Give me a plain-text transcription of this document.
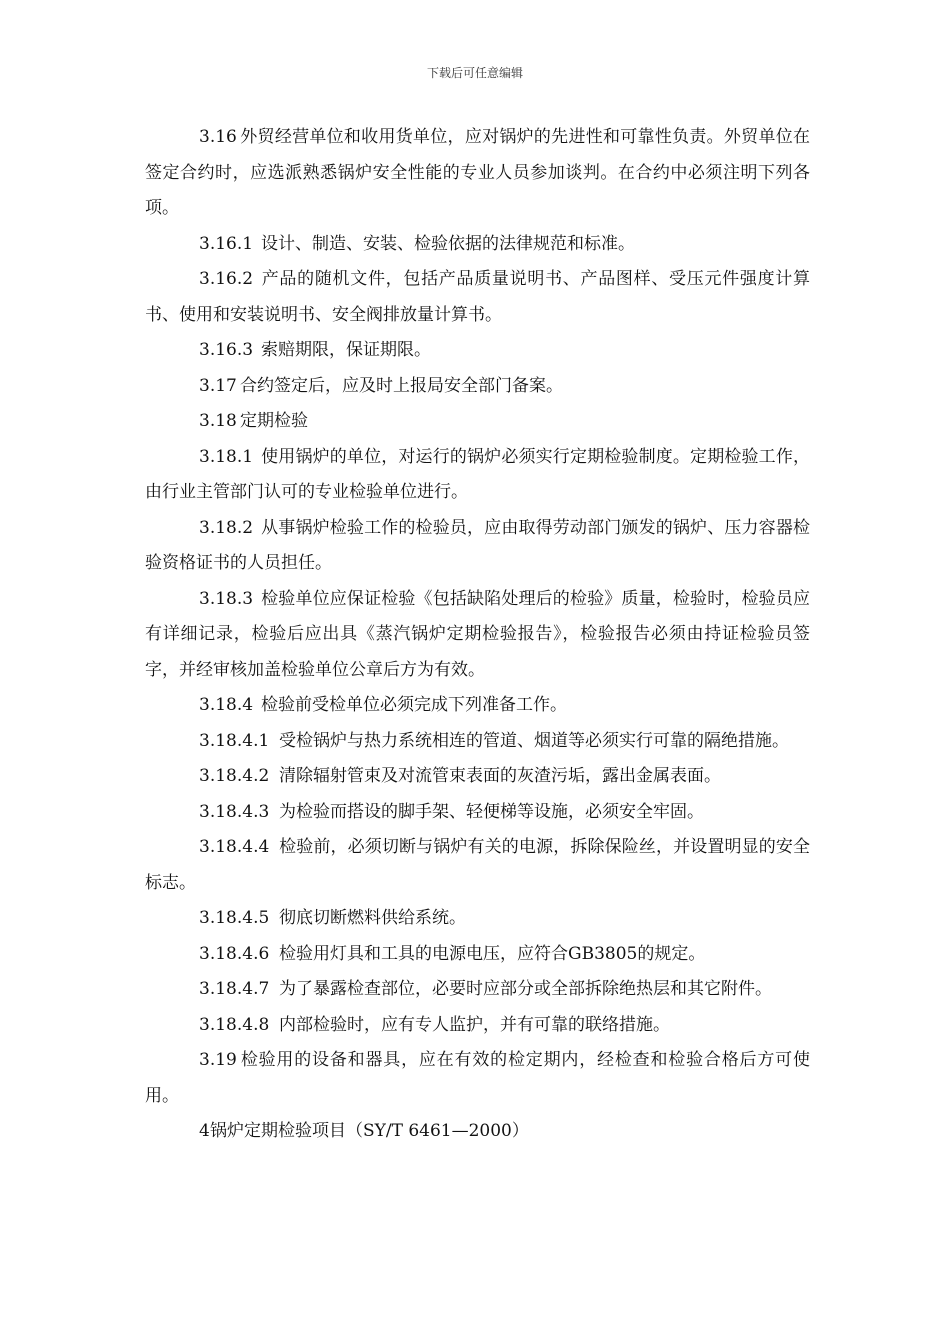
下载后可任意编辑

3.16 外贸经营单位和收用货单位，应对锅炉的先进性和可靠性负责。外贸单位在签定合约时，应选派熟悉锅炉安全性能的专业人员参加谈判。在合约中必须注明下列各项。

3.16.1 设计、制造、安装、检验依据的法律规范和标准。

3.16.2 产品的随机文件，包括产品质量说明书、产品图样、受压元件强度计算书、使用和安装说明书、安全阀排放量计算书。

3.16.3 索赔期限，保证期限。

3.17 合约签定后，应及时上报局安全部门备案。

3.18 定期检验

3.18.1 使用锅炉的单位，对运行的锅炉必须实行定期检验制度。定期检验工作，由行业主管部门认可的专业检验单位进行。

3.18.2 从事锅炉检验工作的检验员，应由取得劳动部门颁发的锅炉、压力容器检验资格证书的人员担任。

3.18.3 检验单位应保证检验《包括缺陷处理后的检验》质量，检验时，检验员应有详细记录，检验后应出具《蒸汽锅炉定期检验报告》，检验报告必须由持证检验员签字，并经审核加盖检验单位公章后方为有效。

3.18.4 检验前受检单位必须完成下列准备工作。

3.18.4.1 受检锅炉与热力系统相连的管道、烟道等必须实行可靠的隔绝措施。

3.18.4.2 清除辐射管束及对流管束表面的灰渣污垢，露出金属表面。

3.18.4.3 为检验而搭设的脚手架、轻便梯等设施，必须安全牢固。

3.18.4.4 检验前，必须切断与锅炉有关的电源，拆除保险丝，并设置明显的安全标志。

3.18.4.5 彻底切断燃料供给系统。

3.18.4.6 检验用灯具和工具的电源电压，应符合GB3805的规定。

3.18.4.7 为了暴露检查部位，必要时应部分或全部拆除绝热层和其它附件。

3.18.4.8 内部检验时，应有专人监护，并有可靠的联络措施。

3.19 检验用的设备和器具，应在有效的检定期内，经检查和检验合格后方可使用。

4锅炉定期检验项目（SY/T 6461—2000）
